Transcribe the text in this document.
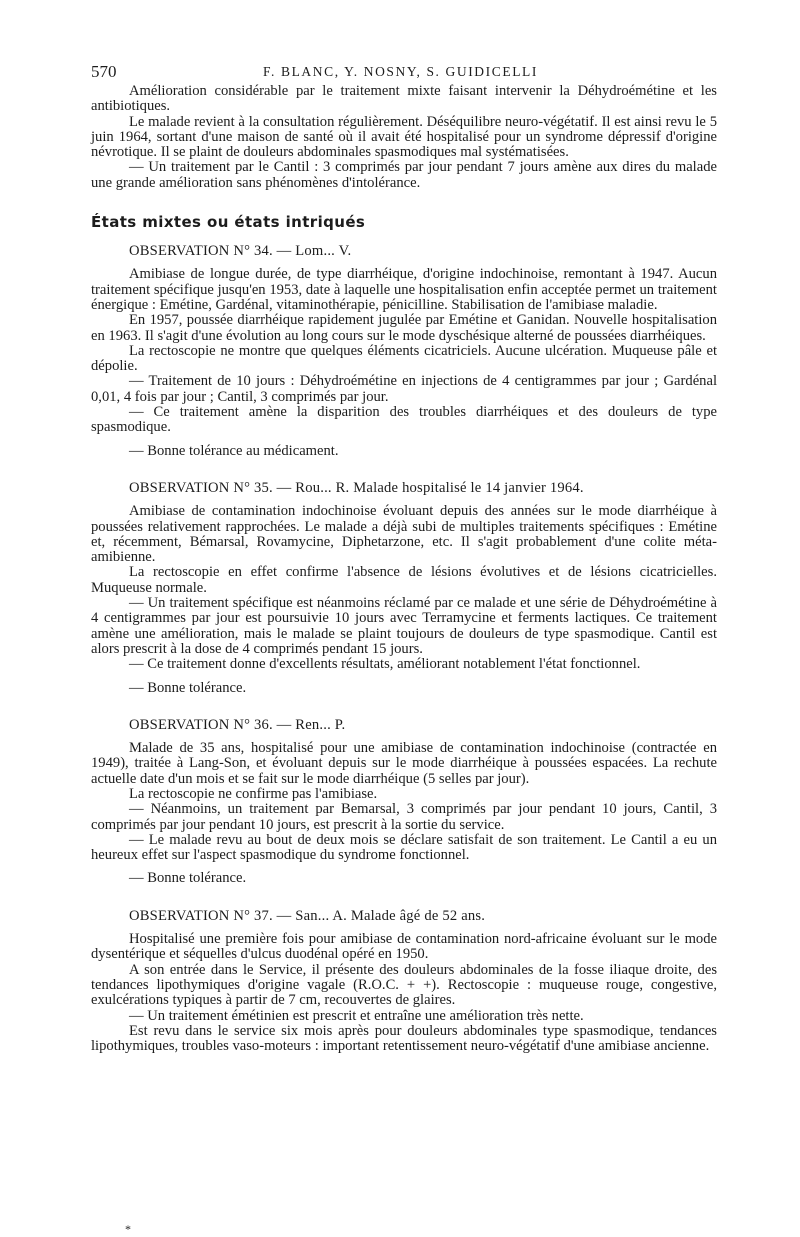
570	F. BLANC, Y. NOSNY, S. GUIDICELLI

Amélioration considérable par le traitement mixte faisant intervenir la Déhydroémétine et les antibiotiques.

Le malade revient à la consultation régulièrement. Déséquilibre neuro-végétatif. Il est ainsi revu le 5 juin 1964, sortant d'une maison de santé où il avait été hospitalisé pour un syndrome dépressif d'origine névrotique. Il se plaint de douleurs abdominales spasmodiques mal systématisées.

— Un traitement par le Cantil : 3 comprimés par jour pendant 7 jours amène aux dires du malade une grande amélioration sans phénomènes d'intolérance.

États mixtes ou états intriqués

OBSERVATION N° 34. — Lom... V.

Amibiase de longue durée, de type diarrhéique, d'origine indochinoise, remontant à 1947. Aucun traitement spécifique jusqu'en 1953, date à laquelle une hospitalisation enfin acceptée permet un traitement énergique : Emétine, Gardénal, vitaminothérapie, pénicilline. Stabilisation de l'amibiase maladie.

En 1957, poussée diarrhéique rapidement jugulée par Emétine et Ganidan. Nouvelle hospitalisation en 1963. Il s'agit d'une évolution au long cours sur le mode dyschésique alterné de poussées diarrhéiques.

La rectoscopie ne montre que quelques éléments cicatriciels. Aucune ulcération. Muqueuse pâle et dépolie.

— Traitement de 10 jours : Déhydroémétine en injections de 4 centigrammes par jour ; Gardénal 0,01, 4 fois par jour ; Cantil, 3 comprimés par jour.

— Ce traitement amène la disparition des troubles diarrhéiques et des douleurs de type spasmodique.

— Bonne tolérance au médicament.

OBSERVATION N° 35. — Rou... R. Malade hospitalisé le 14 janvier 1964.

Amibiase de contamination indochinoise évoluant depuis des années sur le mode diarrhéique à poussées relativement rapprochées. Le malade a déjà subi de multiples traitements spécifiques : Emétine et, récemment, Bémarsal, Rovamycine, Diphetarzone, etc. Il s'agit probablement d'une colite méta-amibienne.

La rectoscopie en effet confirme l'absence de lésions évolutives et de lésions cicatricielles. Muqueuse normale.

— Un traitement spécifique est néanmoins réclamé par ce malade et une série de Déhydroémétine à 4 centigrammes par jour est poursuivie 10 jours avec Terramycine et ferments lactiques. Ce traitement amène une amélioration, mais le malade se plaint toujours de douleurs de type spasmodique. Cantil est alors prescrit à la dose de 4 comprimés pendant 15 jours.

— Ce traitement donne d'excellents résultats, améliorant notablement l'état fonctionnel.

— Bonne tolérance.

OBSERVATION N° 36. — Ren... P.

Malade de 35 ans, hospitalisé pour une amibiase de contamination indochinoise (contractée en 1949), traitée à Lang-Son, et évoluant depuis sur le mode diarrhéique à poussées espacées. La rechute actuelle date d'un mois et se fait sur le mode diarrhéique (5 selles par jour).

La rectoscopie ne confirme pas l'amibiase.

— Néanmoins, un traitement par Bemarsal, 3 comprimés par jour pendant 10 jours, Cantil, 3 comprimés par jour pendant 10 jours, est prescrit à la sortie du service.

— Le malade revu au bout de deux mois se déclare satisfait de son traitement. Le Cantil a eu un heureux effet sur l'aspect spasmodique du syndrome fonctionnel.

— Bonne tolérance.

OBSERVATION N° 37. — San... A. Malade âgé de 52 ans.

Hospitalisé une première fois pour amibiase de contamination nord-africaine évoluant sur le mode dysentérique et séquelles d'ulcus duodénal opéré en 1950.

A son entrée dans le Service, il présente des douleurs abdominales de la fosse iliaque droite, des tendances lipothymiques d'origine vagale (R.O.C. + +). Rectoscopie : muqueuse rouge, congestive, exulcérations typiques à partir de 7 cm, recouvertes de glaires.

— Un traitement émétinien est prescrit et entraîne une amélioration très nette.

Est revu dans le service six mois après pour douleurs abdominales type spasmodique, tendances lipothymiques, troubles vaso-moteurs : important retentissement neuro-végétatif d'une amibiase ancienne.

*
